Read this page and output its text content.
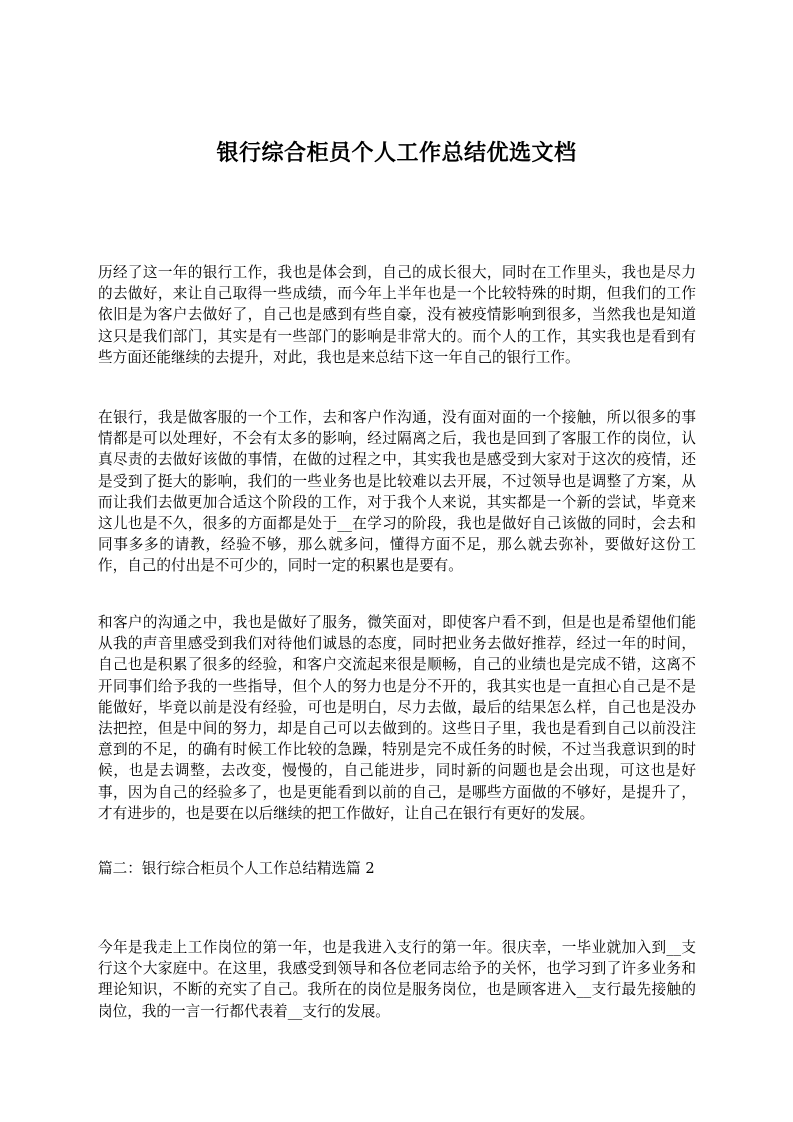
银行综合柜员个人工作总结优选文档

历经了这一年的银行工作，我也是体会到，自己的成长很大，同时在工作里头，我也是尽力的去做好，来让自己取得一些成绩，而今年上半年也是一个比较特殊的时期，但我们的工作依旧是为客户去做好了，自己也是感到有些自豪，没有被疫情影响到很多，当然我也是知道这只是我们部门，其实是有一些部门的影响是非常大的。而个人的工作，其实我也是看到有些方面还能继续的去提升，对此，我也是来总结下这一年自己的银行工作。

在银行，我是做客服的一个工作，去和客户作沟通，没有面对面的一个接触，所以很多的事情都是可以处理好，不会有太多的影响，经过隔离之后，我也是回到了客服工作的岗位，认真尽责的去做好该做的事情，在做的过程之中，其实我也是感受到大家对于这次的疫情，还是受到了挺大的影响，我们的一些业务也是比较难以去开展，不过领导也是调整了方案，从而让我们去做更加合适这个阶段的工作，对于我个人来说，其实都是一个新的尝试，毕竟来这儿也是不久，很多的方面都是处于__在学习的阶段，我也是做好自己该做的同时，会去和同事多多的请教，经验不够，那么就多问，懂得方面不足，那么就去弥补，要做好这份工作，自己的付出是不可少的，同时一定的积累也是要有。

和客户的沟通之中，我也是做好了服务，微笑面对，即使客户看不到，但是也是希望他们能从我的声音里感受到我们对待他们诚恳的态度，同时把业务去做好推荐，经过一年的时间，自己也是积累了很多的经验，和客户交流起来很是顺畅，自己的业绩也是完成不错，这离不开同事们给予我的一些指导，但个人的努力也是分不开的，我其实也是一直担心自己是不是能做好，毕竟以前是没有经验，可也是明白，尽力去做，最后的结果怎么样，自己也是没办法把控，但是中间的努力，却是自己可以去做到的。这些日子里，我也是看到自己以前没注意到的不足，的确有时候工作比较的急躁，特别是完不成任务的时候，不过当我意识到的时候，也是去调整，去改变，慢慢的，自己能进步，同时新的问题也是会出现，可这也是好事，因为自己的经验多了，也是更能看到以前的自己，是哪些方面做的不够好，是提升了，才有进步的，也是要在以后继续的把工作做好，让自己在银行有更好的发展。

篇二：银行综合柜员个人工作总结精选篇 2

今年是我走上工作岗位的第一年，也是我进入支行的第一年。很庆幸，一毕业就加入到__支行这个大家庭中。在这里，我感受到领导和各位老同志给予的关怀，也学习到了许多业务和理论知识，不断的充实了自己。我所在的岗位是服务岗位，也是顾客进入__支行最先接触的岗位，我的一言一行都代表着__支行的发展。
